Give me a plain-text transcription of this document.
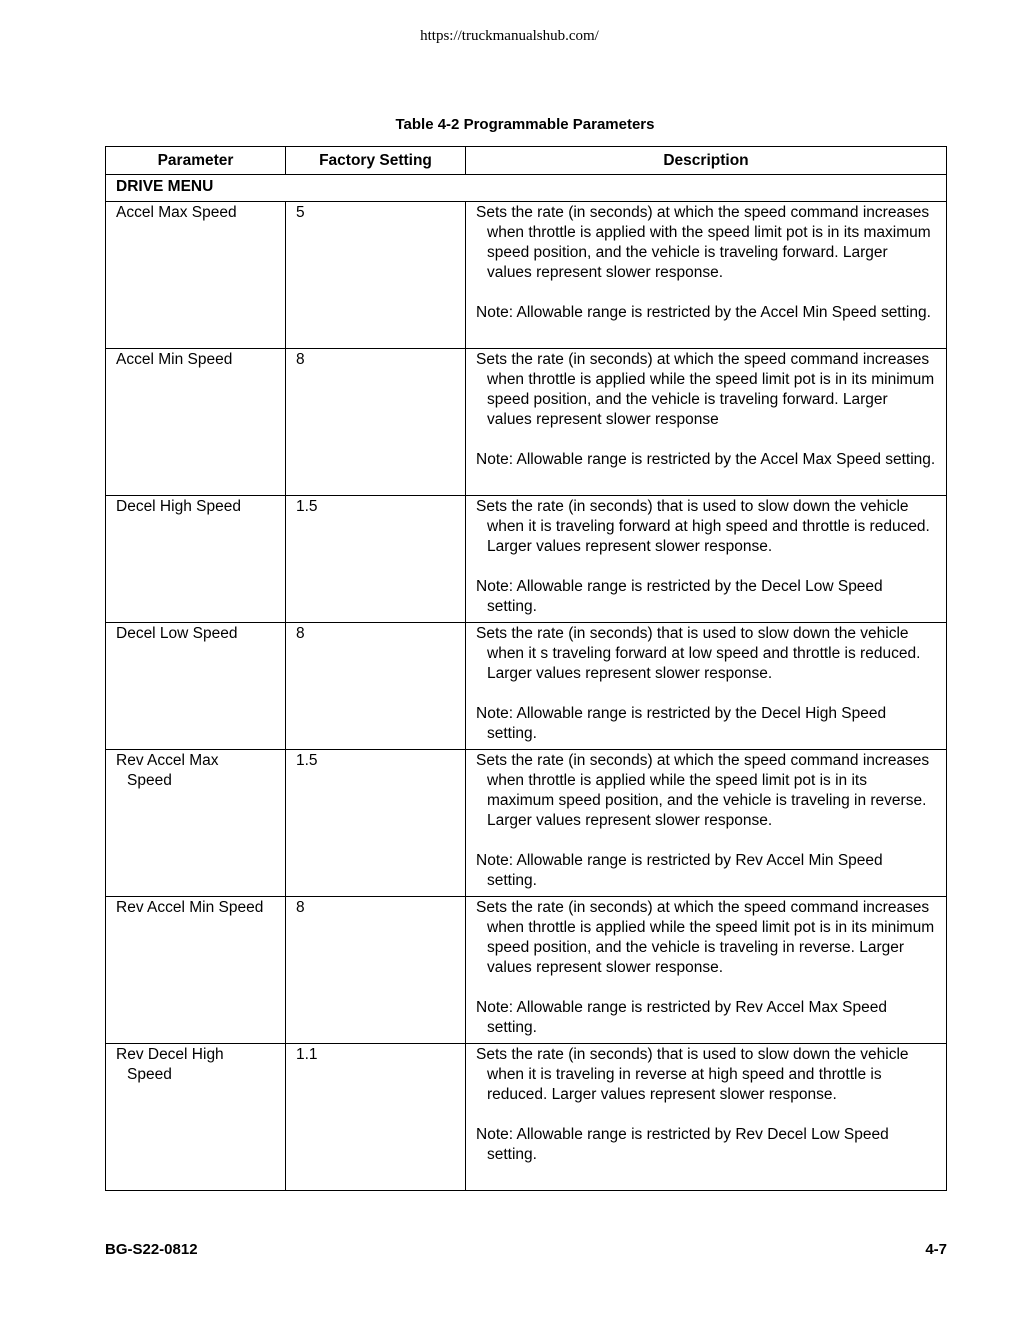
https://truckmanualshub.com/
Table 4-2 Programmable Parameters
Parameter	Factory Setting	Description
DRIVE MENU		

Accel Max Speed	5	Sets the rate (in seconds) at which the speed command increases when throttle is applied with the speed limit pot is in its maximum speed position, and the vehicle is traveling forward. Larger values represent slower response.

Note: Allowable range is restricted by the Accel Min Speed setting.

Accel Min Speed	8	Sets the rate (in seconds) at which the speed command increases when throttle is applied while the speed limit pot is in its minimum speed position, and the vehicle is traveling forward. Larger values represent slower response

Note: Allowable range is restricted by the Accel Max Speed setting.

Decel High Speed	1.5	Sets the rate (in seconds) that is used to slow down the vehicle when it is traveling forward at high speed and throttle is reduced. Larger values represent slower response.

Note: Allowable range is restricted by the Decel Low Speed setting.

Decel Low Speed	8	Sets the rate (in seconds) that is used to slow down the vehicle when it s traveling forward at low speed and throttle is reduced. Larger values represent slower response.

Note: Allowable range is restricted by the Decel High Speed setting.

Rev Accel Max Speed	1.5	Sets the rate (in seconds) at which the speed command increases when throttle is applied while the speed limit pot is in its maximum speed position, and the vehicle is traveling in reverse. Larger values represent slower response.

Note: Allowable range is restricted by Rev Accel Min Speed setting.

Rev Accel Min Speed	8	Sets the rate (in seconds) at which the speed command increases when throttle is applied while the speed limit pot is in its minimum speed position, and the vehicle is traveling in reverse. Larger values represent slower response.

Note: Allowable range is restricted by Rev Accel Max Speed setting.

Rev Decel High Speed	1.1	Sets the rate (in seconds) that is used to slow down the vehicle when it is traveling in reverse at high speed and throttle is reduced. Larger values represent slower response.

Note: Allowable range is restricted by Rev Decel Low Speed setting.

BG-S22-0812	4-7
